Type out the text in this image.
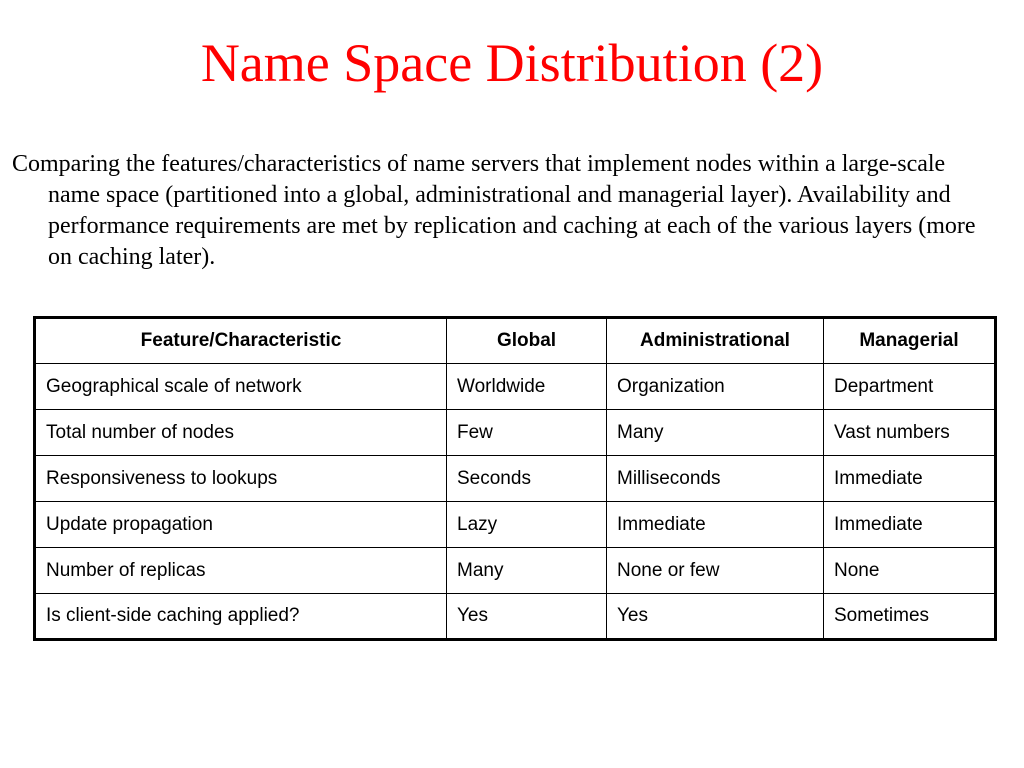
Name Space Distribution (2)

Comparing the features/characteristics of name servers that implement nodes within a large-scale name space (partitioned into a global, administrational and managerial layer). Availability and performance requirements are met by replication and caching at each of the various layers (more on caching later).

Feature/Characteristic	Global	Administrational	Managerial
Geographical scale of network	Worldwide	Organization	Department
Total number of nodes	Few	Many	Vast numbers
Responsiveness to lookups	Seconds	Milliseconds	Immediate
Update propagation	Lazy	Immediate	Immediate
Number of replicas	Many	None or few	None
Is client-side caching applied?	Yes	Yes	Sometimes
